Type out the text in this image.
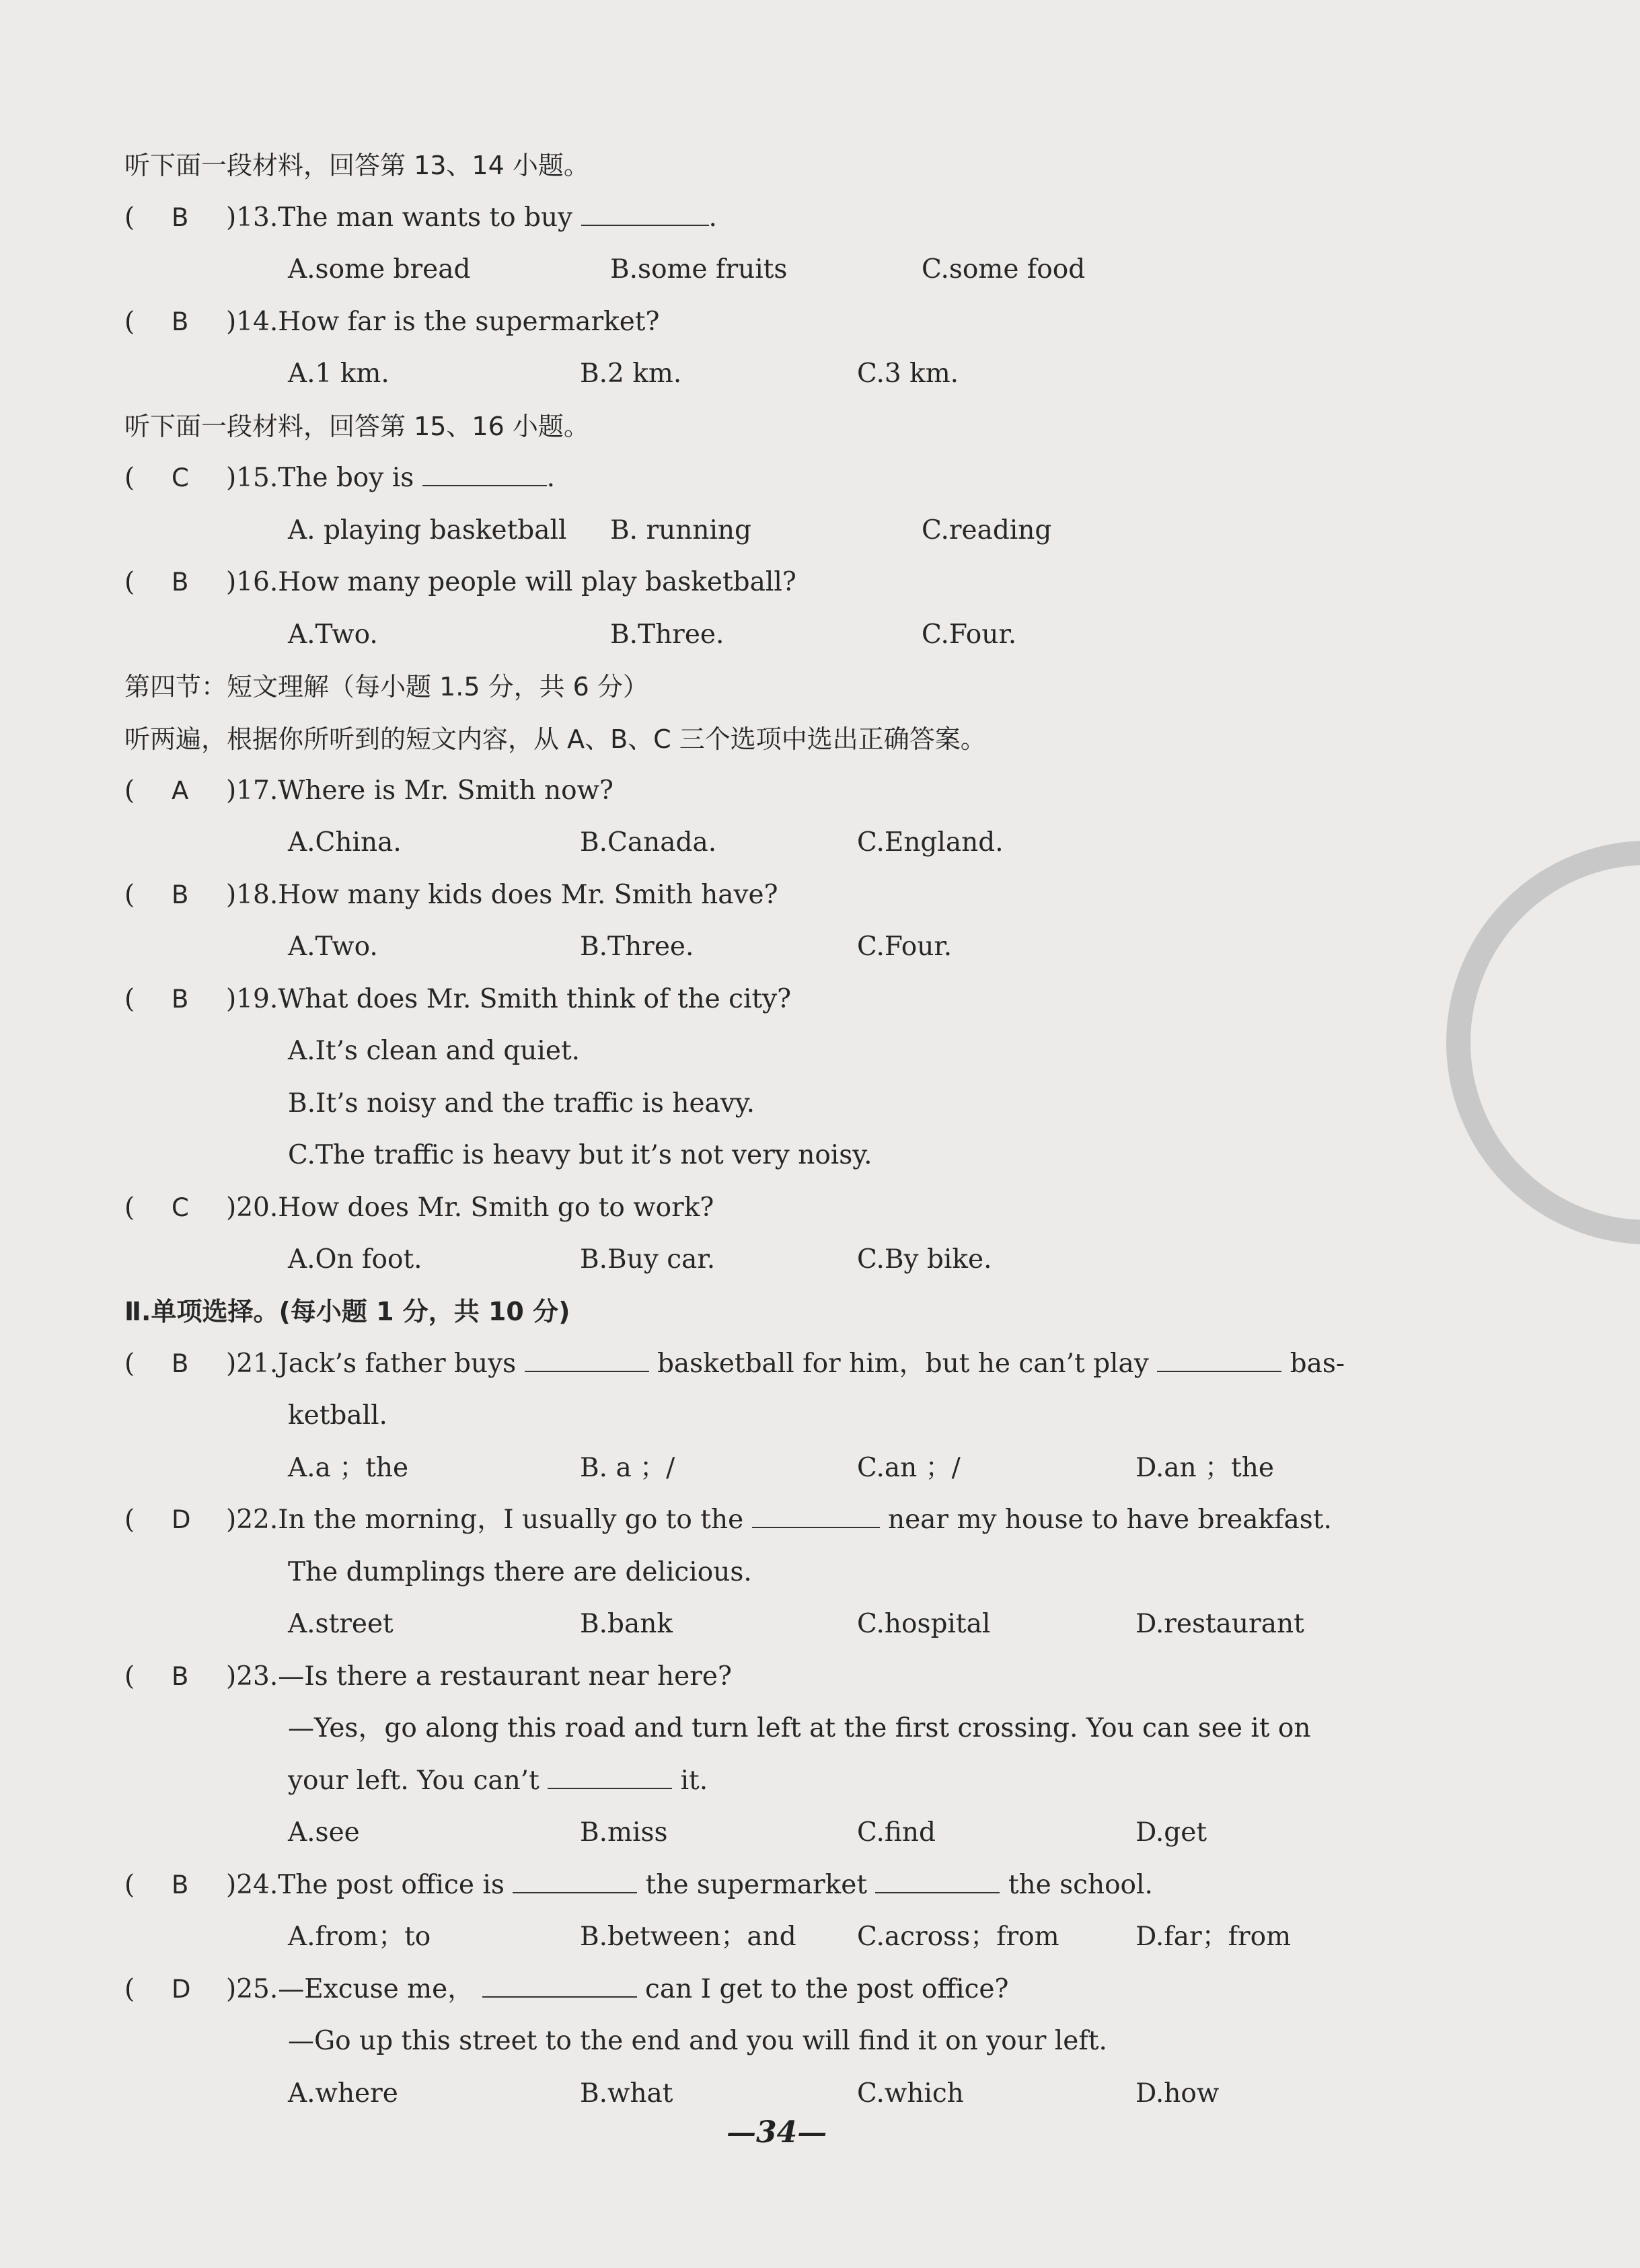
听下面一段材料，回答第 13、14 小题。
( B )13.The man wants to buy	.
A.some bread	B.some fruits	C.some food
( B )14.How far is the supermarket?
A.1 km.	B.2 km.	C.3 km.
听下面一段材料，回答第 15、16 小题。
( C )15.The boy is	.
A. playing basketball B. running	C.reading
( B )16.How many people will play basketball?
A.Two.	B.Three.	C.Four.
第四节：短文理解（每小题 1.5 分，共 6 分）
听两遍，根据你所听到的短文内容，从 A、B、C 三个选项中选出正确答案。
( A )17.Where is Mr. Smith now?
A.China.	B.Canada.	C.England.
( B )18.How many kids does Mr. Smith have?
A.Two.	B.Three.	C.Four.
( B )19.What does Mr. Smith think of the city?
A.It’s clean and quiet.
B.It’s noisy and the traffic is heavy.
C.The traffic is heavy but it’s not very noisy.
( C )20.How does Mr. Smith go to work?
A.On foot.	B.Buy car.	C.By bike.
Ⅱ.单项选择。(每小题 1 分，共 10 分)
( B )21.Jack’s father buys	basketball for him，but he can’t play	bas-
ketball.
A.a ；the	B. a ；/	C.an ；/	D.an ；the
( D )22.In the morning，I usually go to the	near my house to have breakfast.
The dumplings there are delicious.
A.street	B.bank	C.hospital	D.restaurant
( B )23.—Is there a restaurant near here?
—Yes，go along this road and turn left at the first crossing. You can see it on
your left. You can’t	it.
A.see	B.miss	C.find	D.get
( B )24.The post office is	the supermarket	the school.
A.from；to	B.between；and C.across；from	D.far；from
( D )25.—Excuse me，	can I get to the post office?
—Go up this street to the end and you will find it on your left.
A.where	B.what	C.which	D.how
—34—
